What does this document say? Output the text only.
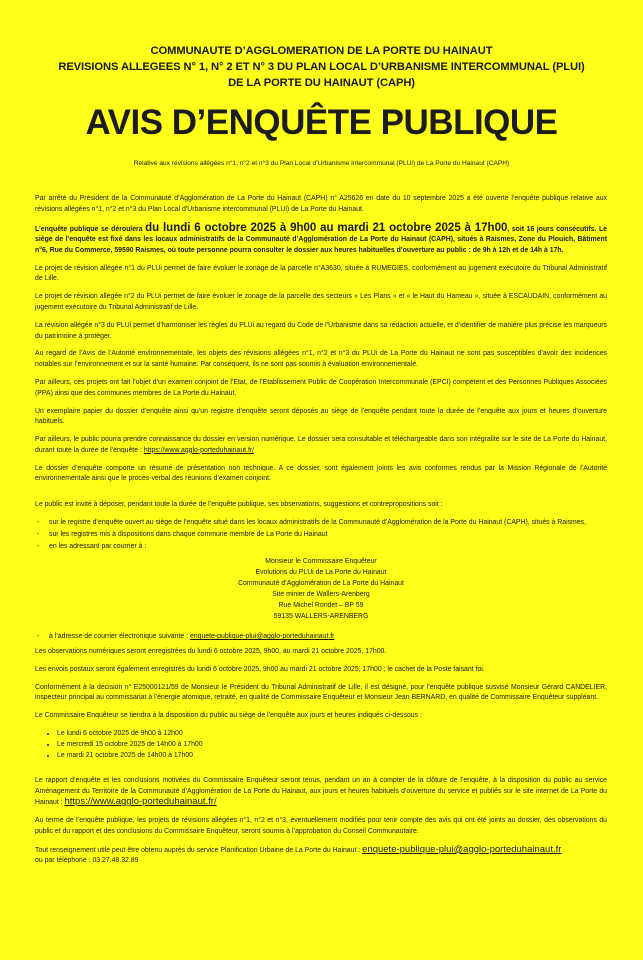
COMMUNAUTE D’AGGLOMERATION DE LA PORTE DU HAINAUT
REVISIONS ALLEGEES N° 1, N° 2 ET N° 3 DU PLAN LOCAL D’URBANISME INTERCOMMUNAL (PLUI)
DE LA PORTE DU HAINAUT (CAPH)
AVIS D’ENQUÊTE PUBLIQUE
Relative aux révisions allégées n°1, n°2 et n°3 du Plan Local d’Urbanisme intercommunal (PLUi) de La Porte du Hainaut (CAPH)

Par arrêté du Président de la Communauté d’Agglomération de La Porte du Hainaut (CAPH) n° A25626 en date du 10 septembre 2025 a été ouverte l’enquête publique relative aux révisions allégées n°1, n°2 et n°3 du Plan Local d’Urbanisme intercommunal (PLUi) de La Porte du Hainaut.

L’enquête publique se déroulera du lundi 6 octobre 2025 à 9h00 au mardi 21 octobre 2025 à 17h00, soit 16 jours consécutifs. Le siège de l’enquête est fixé dans les locaux administratifs de la Communauté d’Agglomération de La Porte du Hainaut (CAPH), situés à Raismes, Zone du Plouich, Bâtiment n°6, Rue du Commerce, 59590 Raismes, où toute personne pourra consulter le dossier aux heures habituelles d’ouverture au public : de 9h à 12h et de 14h à 17h.

Le projet de révision allégée n°1 du PLUi permet de faire évoluer le zonage de la parcelle n°A3630, située à RUMEGIES, conformément au jugement exécutoire du Tribunal Administratif de Lille.

Le projet de révision allégée n°2 du PLUi permet de faire évoluer le zonage de la parcelle des secteurs « Les Plans » et « le Haut du Hameau », située à ESCAUDAIN, conformément au jugement exécutoire du Tribunal Administratif de Lille.

La révision allégée n°3 du PLUi permet d’harmoniser les règles du PLUi au regard du Code de l’Urbanisme dans sa rédaction actuelle, et d’identifier de manière plus précise les marqueurs du patrimoine à protéger.

Au regard de l’Avis de l’Autorité environnementale, les objets des révisions allégées n°1, n°2 et n°3 du PLUi de La Porte du Hainaut ne sont pas susceptibles d’avoir des incidences notables sur l’environnement et sur la santé humaine. Par conséquent, ils ne sont pas soumis à évaluation environnementale.

Par ailleurs, ces projets ont fait l’objet d’un examen conjoint de l’Etat, de l’Etablissement Public de Coopération Intercommunale (EPCI) compétent et des Personnes Publiques Associées (PPA) ainsi que des communes membres de La Porte du Hainaut.

Un exemplaire papier du dossier d’enquête ainsi qu’un registre d’enquête seront déposés au siège de l’enquête pendant toute la durée de l’enquête aux jours et heures d’ouverture habituels.

Par ailleurs, le public pourra prendre connaissance du dossier en version numérique. Le dossier sera consultable et téléchargeable dans son intégralité sur le site de La Porte du Hainaut, durant toute la durée de l’enquête : https://www.agglo-porteduhainaut.fr/

Le dossier d’enquête comporte un résumé de présentation non technique. A ce dossier, sont également joints les avis conformes rendus par la Mission Régionale de l’Autorité environnementale ainsi que le procès-verbal des réunions d’examen conjoint.

Le public est invité à déposer, pendant toute la durée de l’enquête publique, ses observations, suggestions et contrepropositions soit :

- sur le registre d’enquête ouvert au siège de l’enquête situé dans les locaux administratifs de la Communauté d’Agglomération de la Porte du Hainaut (CAPH), situés à Raismes,
- sur les registres mis à dispositions dans chaque commune membre de La Porte du Hainaut
- en les adressant par courrier à :
Monsieur le Commissaire Enquêteur
Evolutions du PLUi de La Porte du Hainaut
Communauté d’Agglomération de La Porte du Hainaut
Site minier de Wallers-Arenberg
Rue Michel Rondet – BP 59
59135 WALLERS-ARENBERG
- à l’adresse de courrier électronique suivante : enquete-publique-plui@agglo-porteduhainaut.fr

Les observations numériques seront enregistrées du lundi 6 octobre 2025, 9h00, au mardi 21 octobre 2025, 17h00.

Les envois postaux seront également enregistrés du lundi 6 octobre 2025, 9h00 au mardi 21 octobre 2025, 17h00 ; le cachet de la Poste faisant foi.

Conformément à la décision n° E25000121/59 de Monsieur le Président du Tribunal Administratif de Lille, il est désigné, pour l’enquête publique susvisé Monsieur Gérard CANDELIER, inspecteur principal au commissariat à l’énergie atomique, retraité, en qualité de Commissaire Enquêteur et Monsieur Jean BERNARD, en qualité de Commissaire Enquêteur suppléant.

Le Commissaire Enquêteur se tiendra à la disposition du public au siège de l’enquête aux jours et heures indiqués ci-dessous :

• Le lundi 6 octobre 2025 de 9h00 à 12h00
• Le mercredi 15 octobre 2025 de 14h00 à 17h00
• Le mardi 21 octobre 2025 de 14h00 à 17h00

Le rapport d’enquête et les conclusions motivées du Commissaire Enquêteur seront tenus, pendant un an à compter de la clôture de l’enquête, à la disposition du public au service Aménagement du Territoire de la Communauté d’Agglomération de La Porte du Hainaut, aux jours et heures habituels d’ouverture du service et publiés sur le site internet de La Porte du Hainaut : https://www.agglo-porteduhainaut.fr/

Au terme de l’enquête publique, les projets de révisions allégées n°1, n°2 et n°3, éventuellement modifiés pour tenir compte des avis qui ont été joints au dossier, des observations du public et du rapport et des conclusions du Commissaire Enquêteur, seront soumis à l’approbation du Conseil Communautaire.

Tout renseignement utile peut être obtenu auprès du service Planification Urbaine de La Porte du Hainaut : enquete-publique-plui@agglo-porteduhainaut.fr
ou par téléphone : 03.27.48.32.89
